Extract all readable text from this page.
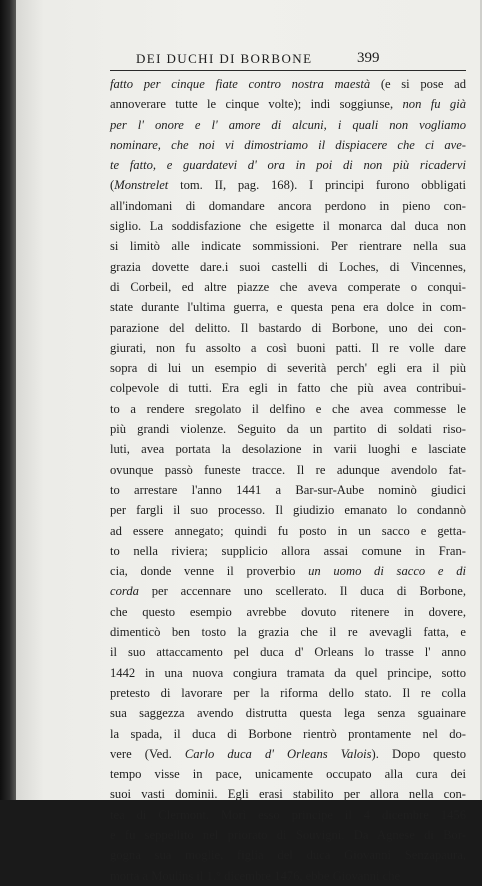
DEI DUCHI DI BORBONE	399
fatto per cinque fiate contro nostra maestà (e si pose ad
annoverare tutte le cinque volte); indi soggiunse, non fu già
per l' onore e l' amore di alcuni, i quali non vogliamo
nominare, che noi vi dimostriamo il dispiacere che ci ave-
te fatto, e guardatevi d' ora in poi di non più ricadervi
(Monstrelet tom. II, pag. 168). I principi furono obbligati
all'indomani di domandare ancora perdono in pieno con-
siglio. La soddisfazione che esigette il monarca dal duca non
si limitò alle indicate sommissioni. Per rientrare nella sua
grazia dovette dare.i suoi castelli di Loches, di Vincennes,
di Corbeil, ed altre piazze che aveva comperate o conqui-
state durante l'ultima guerra, e questa pena era dolce in com-
parazione del delitto. Il bastardo di Borbone, uno dei con-
giurati, non fu assolto a così buoni patti. Il re volle dare
sopra di lui un esempio di severità perch' egli era il più
colpevole di tutti. Era egli in fatto che più avea contribui-
to a rendere sregolato il delfino e che avea commesse le
più grandi violenze. Seguito da un partito di soldati riso-
luti, avea portata la desolazione in varii luoghi e lasciate
ovunque passò funeste tracce. Il re adunque avendolo fat-
to arrestare l'anno 1441 a Bar-sur-Aube nominò giudici
per fargli il suo processo. Il giudizio emanato lo condannò
ad essere annegato; quindi fu posto in un sacco e getta-
to nella riviera; supplicio allora assai comune in Fran-
cia, donde venne il proverbio un uomo di sacco e di
corda per accennare uno scellerato. Il duca di Borbone,
che questo esempio avrebbe dovuto ritenere in dovere,
dimenticò ben tosto la grazia che il re avevagli fatta, e
il suo attaccamento pel duca d' Orleans lo trasse l' anno
1442 in una nuova congiura tramata da quel principe, sotto
pretesto di lavorare per la riforma dello stato. Il re colla
sua saggezza avendo distrutta questa lega senza sguainare
la spada, il duca di Borbone rientrò prontamente nel do-
vere (Ved. Carlo duca d' Orleans Valois). Dopo questo
tempo visse in pace, unicamente occupato alla cura dei
suoi vasti dominii. Egli erasi stabilito per allora nella con-
tea di Clermont. Morì esso principe il 4 dicembre 1456
e fu seppellito nel priorato di Souvigni. Da Agnese di Bor-
gogna sua moglie, figlia del duca Giovanni Senzapaura,
morta a Moulins il 1.° dicembre 1476, ebbe Giovanni che
